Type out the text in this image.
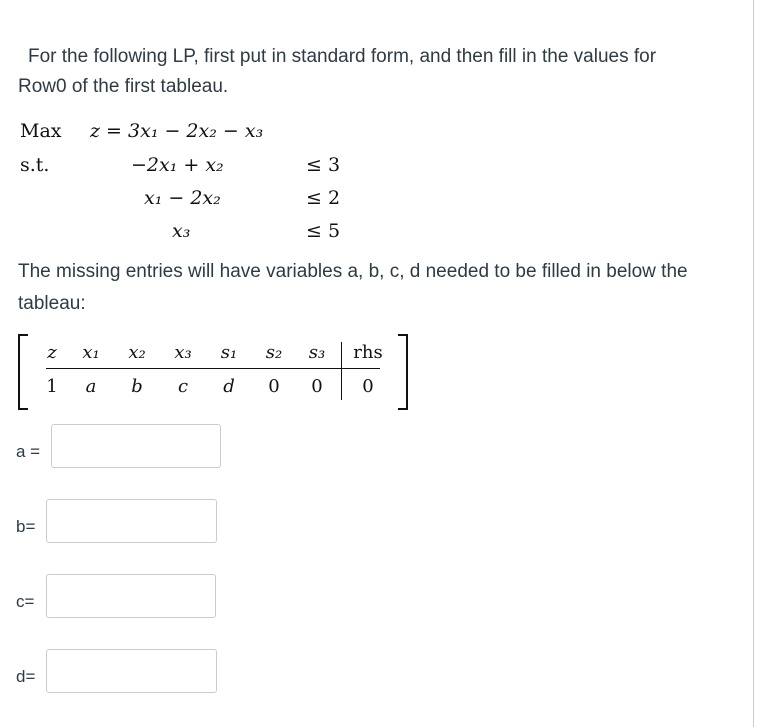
For the following LP, first put in standard form, and then fill in the values for
Row0 of the first tableau.
Max z = 3x₁ − 2x₂ − x₃
s.t.	−2x₁ + x₂	≤ 3
x₁ − 2x₂	≤ 2
x₃	≤ 5
The missing entries will have variables a, b, c, d needed to be filled in below the tableau:
z	x₁	x₂	x₃	s₁	s₂	s₃	rhs
1	a	b	c	d	0	0	0
a =
b=
c=
d=
